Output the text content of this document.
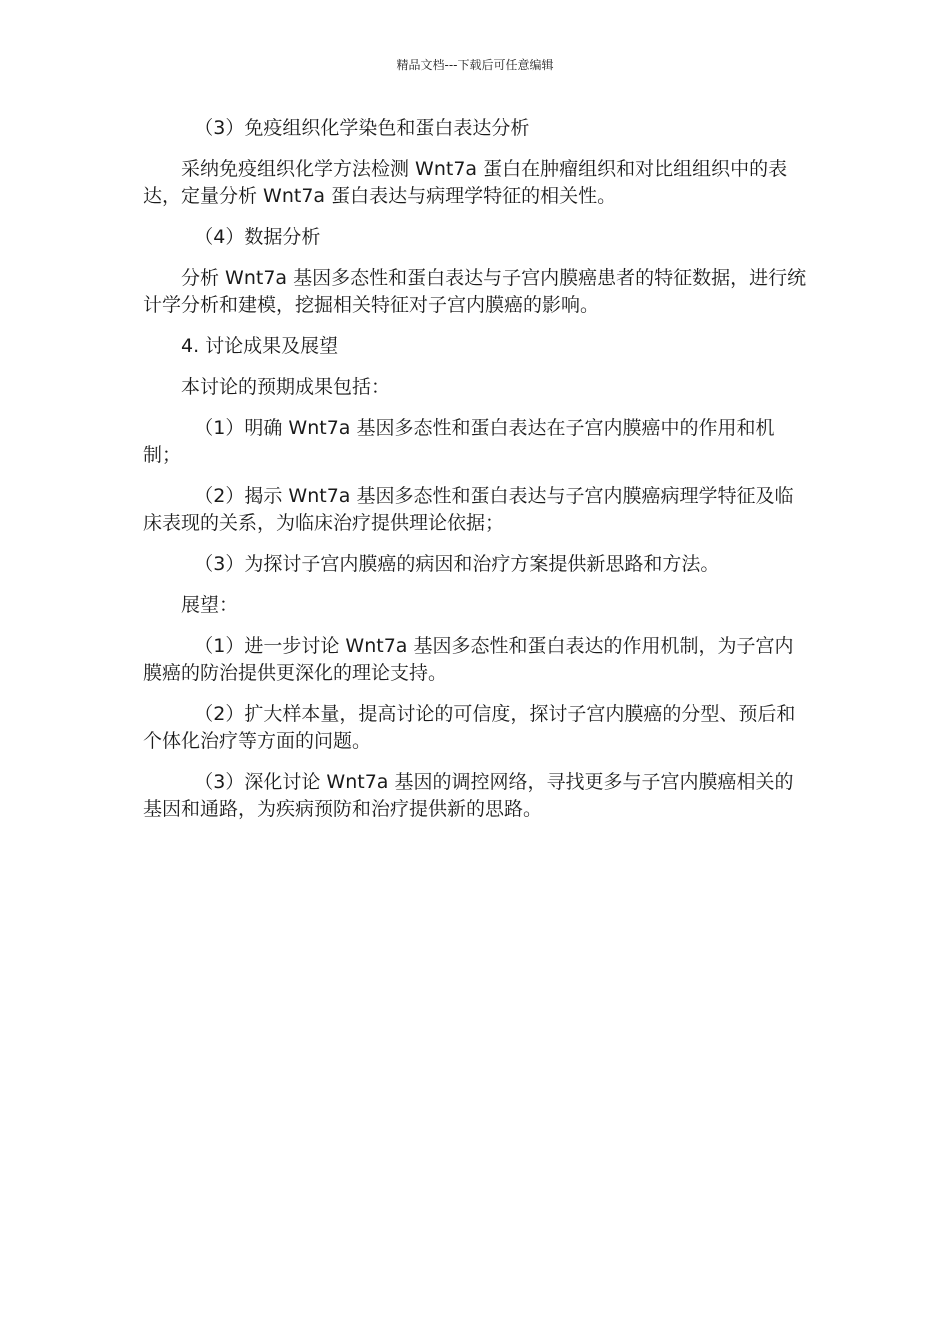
精品文档---下载后可任意编辑

（3）免疫组织化学染色和蛋白表达分析

采纳免疫组织化学方法检测 Wnt7a 蛋白在肿瘤组织和对比组组织中的表达，定量分析 Wnt7a 蛋白表达与病理学特征的相关性。

（4）数据分析

分析 Wnt7a 基因多态性和蛋白表达与子宫内膜癌患者的特征数据，进行统计学分析和建模，挖掘相关特征对子宫内膜癌的影响。

4. 讨论成果及展望

本讨论的预期成果包括：

（1）明确 Wnt7a 基因多态性和蛋白表达在子宫内膜癌中的作用和机制；

（2）揭示 Wnt7a 基因多态性和蛋白表达与子宫内膜癌病理学特征及临床表现的关系，为临床治疗提供理论依据；

（3）为探讨子宫内膜癌的病因和治疗方案提供新思路和方法。

展望：

（1）进一步讨论 Wnt7a 基因多态性和蛋白表达的作用机制，为子宫内膜癌的防治提供更深化的理论支持。

（2）扩大样本量，提高讨论的可信度，探讨子宫内膜癌的分型、预后和个体化治疗等方面的问题。

（3）深化讨论 Wnt7a 基因的调控网络，寻找更多与子宫内膜癌相关的基因和通路，为疾病预防和治疗提供新的思路。
